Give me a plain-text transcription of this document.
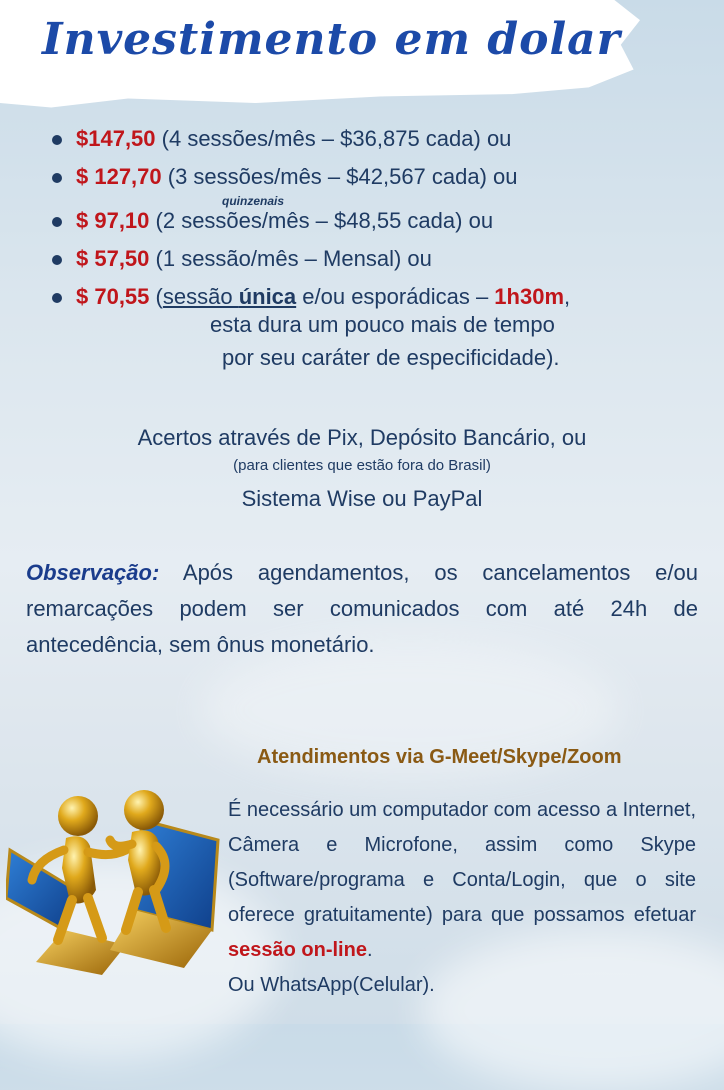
Investimento em dolar
$147,50 (4 sessões/mês – $36,875 cada) ou
$ 127,70 (3 sessões/mês – $42,567 cada) ou
$ 97,10 (2 sessões/mês – $48,55 cada) ou
$ 57,50 (1 sessão/mês – Mensal) ou
$ 70,55 (sessão única e/ou esporádicas – 1h30m,
quinzenais
esta dura um pouco mais de tempo
por seu caráter de especificidade).
Acertos através de Pix, Depósito Bancário, ou
(para clientes que estão fora do Brasil)
Sistema Wise ou PayPal
Observação: Após agendamentos, os cancelamentos e/ou remarcações podem ser comunicados com até 24h de antecedência, sem ônus monetário.
Atendimentos via G-Meet/Skype/Zoom
É necessário um computador com acesso a Internet, Câmera e Microfone, assim como Skype (Software/programa e Conta/Login, que o site oferece gratuitamente) para que possamos efetuar sessão on-line.
Ou WhatsApp(Celular).
